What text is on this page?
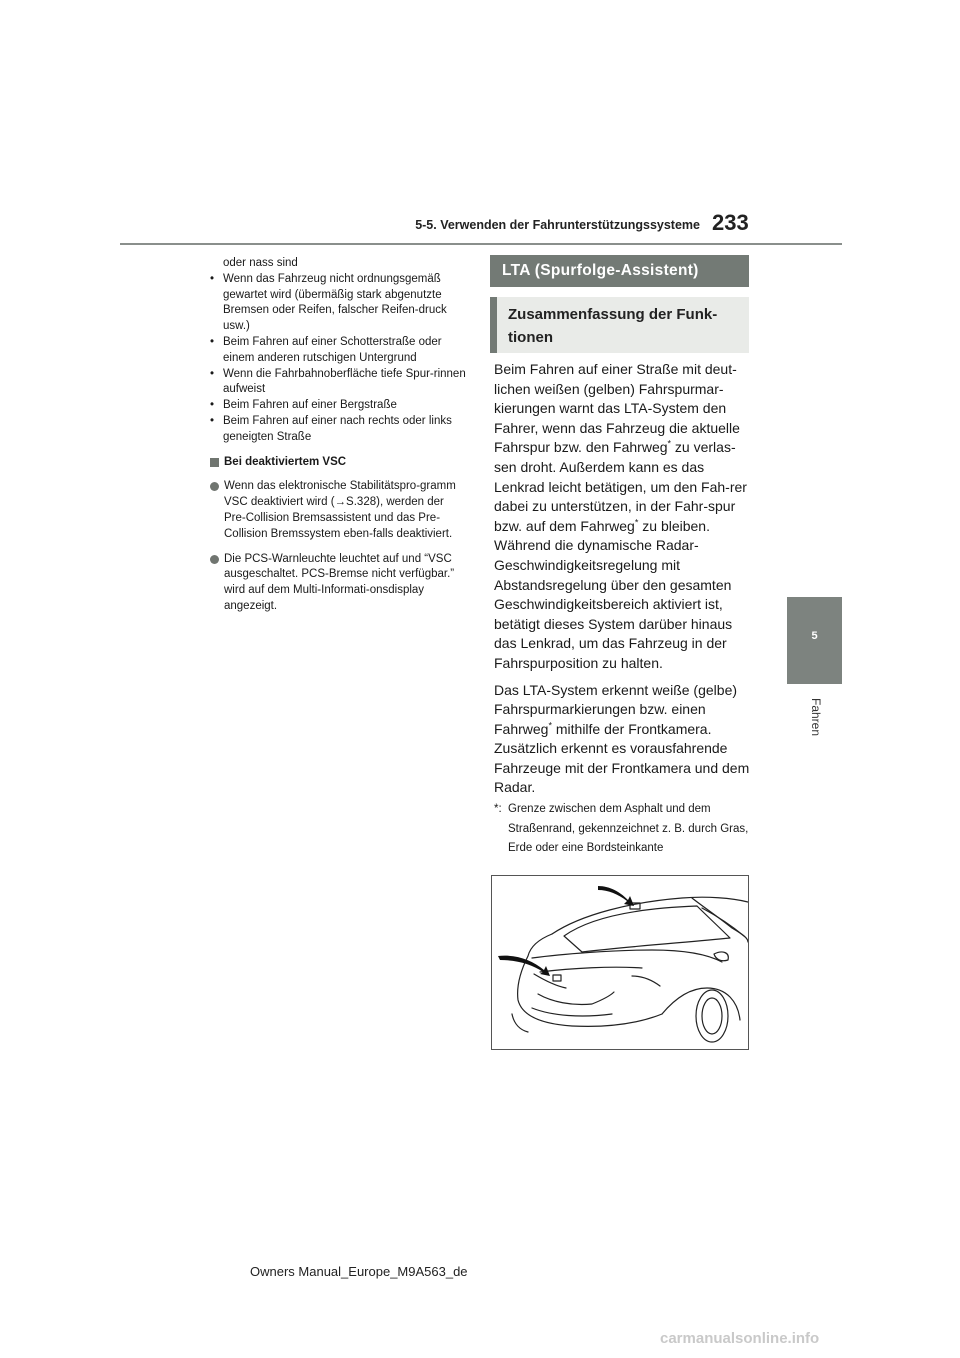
5-5. Verwenden der Fahrunterstützungssysteme 233
5
Fahren
oder nass sind
• Wenn das Fahrzeug nicht ordnungsgemäß gewartet wird (übermäßig stark abgenutzte Bremsen oder Reifen, falscher Reifen-druck usw.)
• Beim Fahren auf einer Schotterstraße oder einem anderen rutschigen Untergrund
• Wenn die Fahrbahnoberfläche tiefe Spur-rinnen aufweist
• Beim Fahren auf einer Bergstraße
• Beim Fahren auf einer nach rechts oder links geneigten Straße
Bei deaktiviertem VSC
Wenn das elektronische Stabilitätspro-gramm VSC deaktiviert wird (→S.328), werden der Pre-Collision Bremsassistent und das Pre-Collision Bremssystem eben-falls deaktiviert.
Die PCS-Warnleuchte leuchtet auf und “VSC ausgeschaltet. PCS-Bremse nicht verfügbar.” wird auf dem Multi-Informati-onsdisplay angezeigt.
LTA (Spurfolge-Assistent)
Zusammenfassung der Funk-tionen

Beim Fahren auf einer Straße mit deut-lichen weißen (gelben) Fahrspurmar-kierungen warnt das LTA-System den Fahrer, wenn das Fahrzeug die aktuelle Fahrspur bzw. den Fahrweg* zu verlas-sen droht. Außerdem kann es das Lenkrad leicht betätigen, um den Fah-rer dabei zu unterstützen, in der Fahr-spur bzw. auf dem Fahrweg* zu bleiben. Während die dynamische Radar-Geschwindigkeitsregelung mit Abstandsregelung über den gesamten Geschwindigkeitsbereich aktiviert ist, betätigt dieses System darüber hinaus das Lenkrad, um das Fahrzeug in der Fahrspurposition zu halten.

Das LTA-System erkennt weiße (gelbe) Fahrspurmarkierungen bzw. einen Fahrweg* mithilfe der Frontkamera. Zusätzlich erkennt es vorausfahrende Fahrzeuge mit der Frontkamera und dem Radar.

*: Grenze zwischen dem Asphalt und dem Straßenrand, gekennzeichnet z. B. durch Gras, Erde oder eine Bordsteinkante
Owners Manual_Europe_M9A563_de
carmanualsonline.info
